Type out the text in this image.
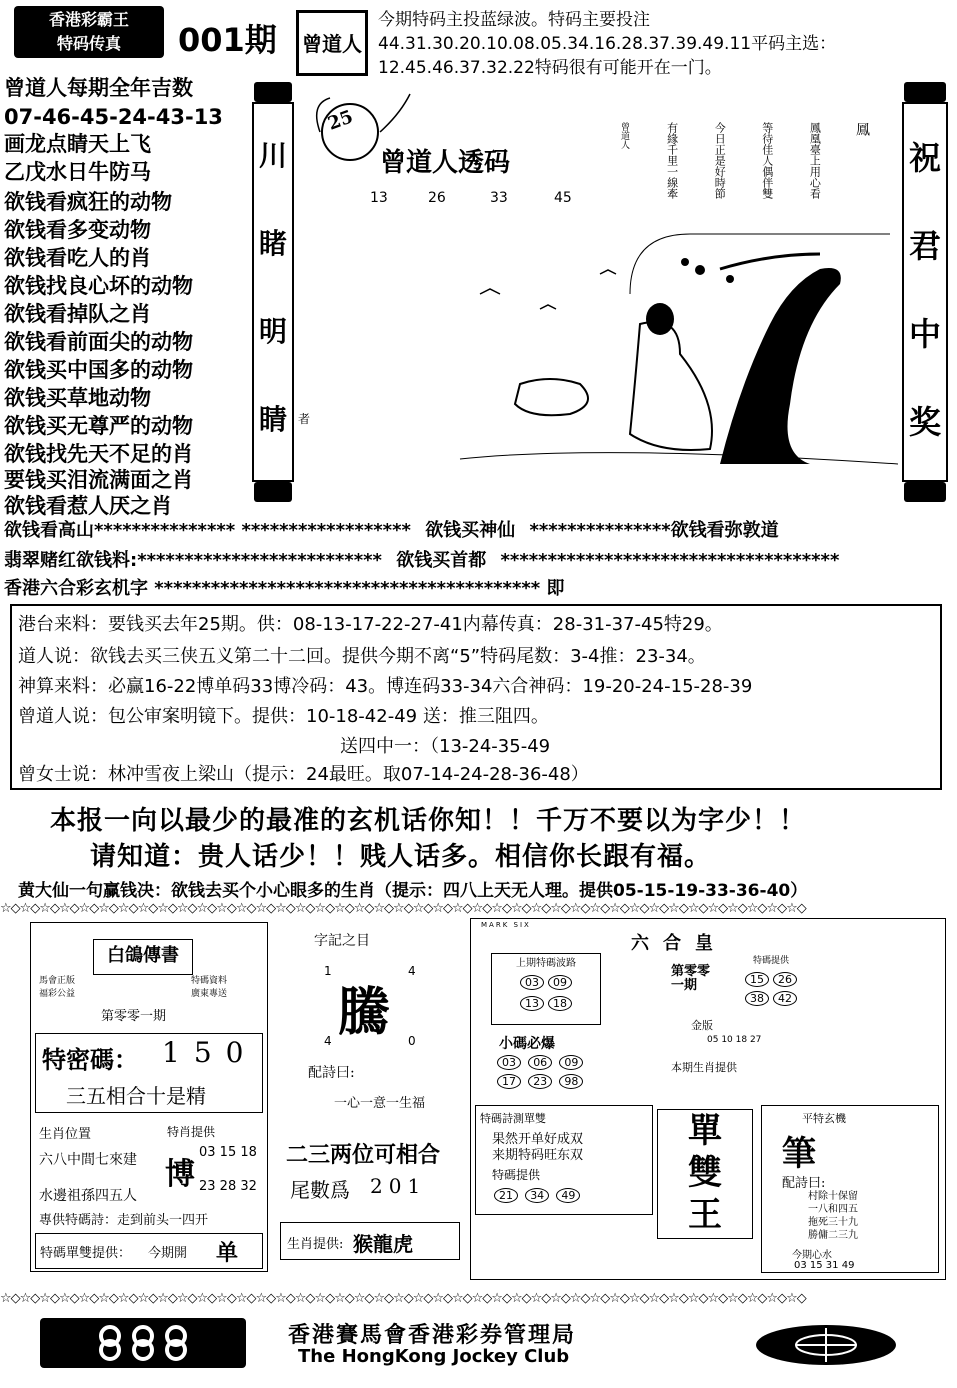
香港彩霸王
特码传真	001期	曾道人
今期特码主投蓝绿波。特码主要投注44.31.30.20.10.08.05.34.16.28.37.39.49.11平码主选：12.45.46.37.32.22特码很有可能开在一门。
曾道人每期全年吉数
07-46-45-24-43-13
画龙点睛天上飞
乙戊水日牛防马
欲钱看疯狂的动物
欲钱看多变动物
欲钱看吃人的肖
欲钱找良心坏的动物
欲钱看掉队之肖
欲钱看前面尖的动物
欲钱买中国多的动物
欲钱买草地动物
欲钱买无尊严的动物
欲钱找先天不足的肖
要钱买泪流满面之肖
欲钱看惹人厌之肖
川
睹
明
睛 者
25
曾道人透码
13	26	33	45
鳳
鳳凰臺上用心看
等待佳人偶伴雙
今日正是好時節
有緣千里一線牽
曾道人
祝
君
中
奖
欲钱看高山*************** ****************** 欲钱买神仙 ***************欲钱看弥敦道
翡翠赌红欲钱料:************************** 欲钱买首都 ************************************
香港六合彩玄机字 ***************************************** 即
港台来料：要钱买去年25期。供：08-13-17-22-27-41内幕传真：28-31-37-45特29。
道人说：欲钱去买三侠五义第二十二回。提供今期不离“5”特码尾数：3-4推：23-34。
神算来料：必赢16-22博单码33博冷码：43。博连码33-34六合神码：19-20-24-15-28-39
曾道人说：包公审案明镜下。提供：10-18-42-49 送：推三阻四。
送四中一：（13-24-35-49
曾女士说：林冲雪夜上梁山（提示：24最旺。取07-14-24-28-36-48）
本报一向以最少的最准的玄机话你知！！千万不要以为字少！！
请知道：贵人话少！！贱人话多。相信你长跟有福。
黄大仙一句赢钱决：欲钱去买个小心眼多的生肖（提示：四八上天无人理。提供05-15-19-33-36-40）
☆◇☆◇☆◇☆◇☆◇☆◇☆◇☆◇☆◇☆◇☆◇☆◇☆◇☆◇☆◇☆◇☆◇☆◇☆◇☆◇☆◇☆◇☆◇☆◇☆◇☆◇☆◇☆◇☆◇☆◇☆◇☆◇☆◇☆◇☆◇☆◇☆◇☆◇☆◇☆◇☆◇
白鴿傳書
馬會正版
福彩公益
特碼資料
廣東專送
第零零一期
特密碼： 150
三五相合十是精
生肖位置
六八中間七來建
水邊祖孫四五人
特肖提供
博
03 15 18
23 28 32
專供特碼詩：走到前头一四开
特碼單雙提供： 今期開 单
字記之目
1	4
騰
4	0
配詩曰:
一心一意一生福
二三两位可相合
尾數爲 201
生肖提供: 猴龍虎
MARK SIX
六合皇
上期特碼波路
03 09
13 18
第零零一期
金版
特碼提供
15 26
38 42
小碼必爆	05 10 18 27
03 06 09
17 23 98
本期生肖提供
特碼詩測單雙
果然开单好成双
来期特码旺东双
特碼提供
21 34 49
單
雙
王
平特玄機
筆
配詩曰:
村除十保留
一八和四五
拖死三十九
勝傭二三九
今期心水
03 15 31 49
☆◇☆◇☆◇☆◇☆◇☆◇☆◇☆◇☆◇☆◇☆◇☆◇☆◇☆◇☆◇☆◇☆◇☆◇☆◇☆◇☆◇☆◇☆◇☆◇☆◇☆◇☆◇☆◇☆◇☆◇☆◇☆◇☆◇☆◇☆◇☆◇☆◇☆◇☆◇☆◇☆◇
香港賽馬會香港彩券管理局
The HongKong Jockey Club
